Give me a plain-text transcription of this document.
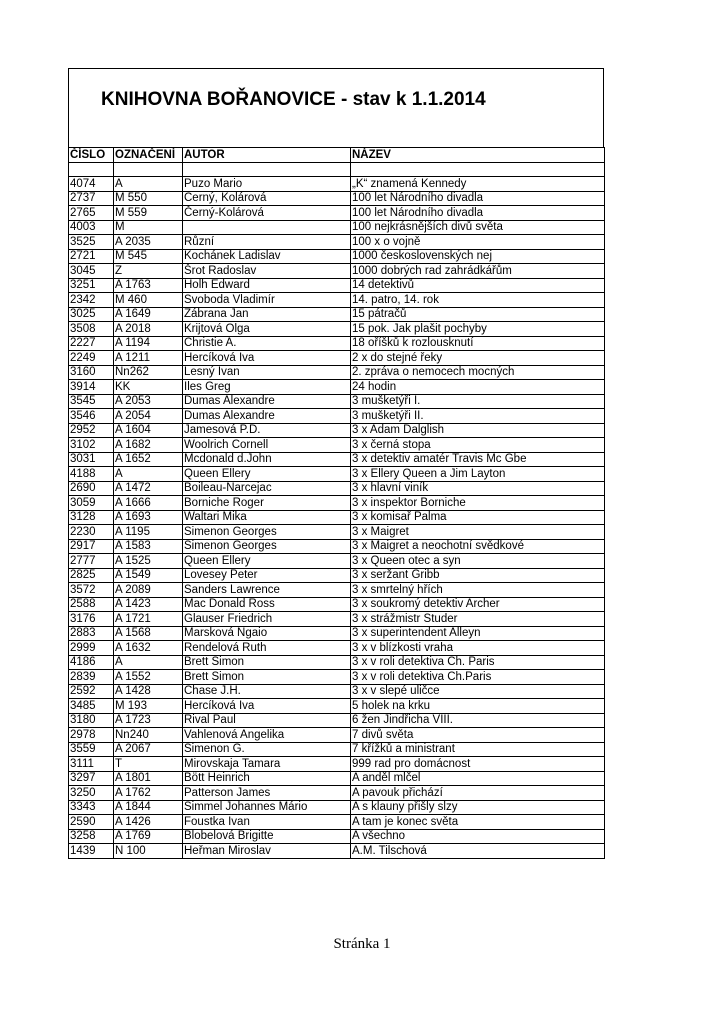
KNIHOVNA BOŘANOVICE - stav k 1.1.2014
ČÍSLO	OZNAČENÍ	AUTOR	NÁZEV

4074	A	Puzo Mario	„K“ znamená Kennedy
2737	M 550	Černý, Kolárová	100 let Národního divadla
2765	M 559	Černý-Kolárová	100 let Národního divadla
4003	M		100 nejkrásnějších divů světa
3525	A 2035	Různí	100 x o vojně
2721	M 545	Kochánek Ladislav	1000 československých nej
3045	Z	Šrot Radoslav	1000 dobrých rad zahrádkářům
3251	A 1763	Holh Edward	14 detektivů
2342	M 460	Svoboda Vladimír	14. patro, 14. rok
3025	A 1649	Zábrana Jan	15 pátračů
3508	A 2018	Krijtová Olga	15 pok. Jak plašit pochyby
2227	A 1194	Christie A.	18 oříšků k rozlousknutí
2249	A 1211	Hercíková Iva	2 x do stejné řeky
3160	Nn262	Lesný Ivan	2. zpráva o nemocech mocných
3914	KK	Iles Greg	24 hodin
3545	A 2053	Dumas Alexandre	3 mušketýři I.
3546	A 2054	Dumas Alexandre	3 mušketýři II.
2952	A 1604	Jamesová P.D.	3 x Adam Dalglish
3102	A 1682	Woolrich Cornell	3 x černá stopa
3031	A 1652	Mcdonald d.John	3 x detektiv amatér Travis Mc Gbe
4188	A	Queen Ellery	3 x Ellery Queen a Jim Layton
2690	A 1472	Boileau-Narcejac	3 x hlavní viník
3059	A 1666	Borniche Roger	3 x inspektor Borniche
3128	A 1693	Waltari Mika	3 x komisař Palma
2230	A 1195	Simenon Georges	3 x Maigret
2917	A 1583	Simenon Georges	3 x Maigret a neochotní svědkové
2777	A 1525	Queen Ellery	3 x Queen otec a syn
2825	A 1549	Lovesey Peter	3 x seržant Gribb
3572	A 2089	Sanders Lawrence	3 x smrtelný hřích
2588	A 1423	Mac Donald Ross	3 x soukromý detektiv Archer
3176	A 1721	Glauser Friedrich	3 x strážmistr Studer
2883	A 1568	Marsková Ngaio	3 x superintendent Alleyn
2999	A 1632	Rendelová Ruth	3 x v blízkosti vraha
4186	A	Brett Simon	3 x v roli detektiva Ch. Paris
2839	A 1552	Brett Simon	3 x v roli detektiva Ch.Paris
2592	A 1428	Chase J.H.	3 x v slepé uličce
3485	M 193	Hercíková Iva	5 holek na krku
3180	A 1723	Rival Paul	6 žen Jindřicha VIII.
2978	Nn240	Vahlenová Angelika	7 divů světa
3559	A 2067	Simenon G.	7 křížků a ministrant
3111	T	Mirovskaja Tamara	999 rad pro domácnost
3297	A 1801	Bött Heinrich	A anděl mlčel
3250	A 1762	Patterson James	A pavouk přichází
3343	A 1844	Simmel Johannes Mário	A s klauny přišly slzy
2590	A 1426	Foustka Ivan	A tam je konec světa
3258	A 1769	Blobelová Brigitte	A všechno
1439	N 100	Heřman Miroslav	A.M. Tilschová
Stránka 1
